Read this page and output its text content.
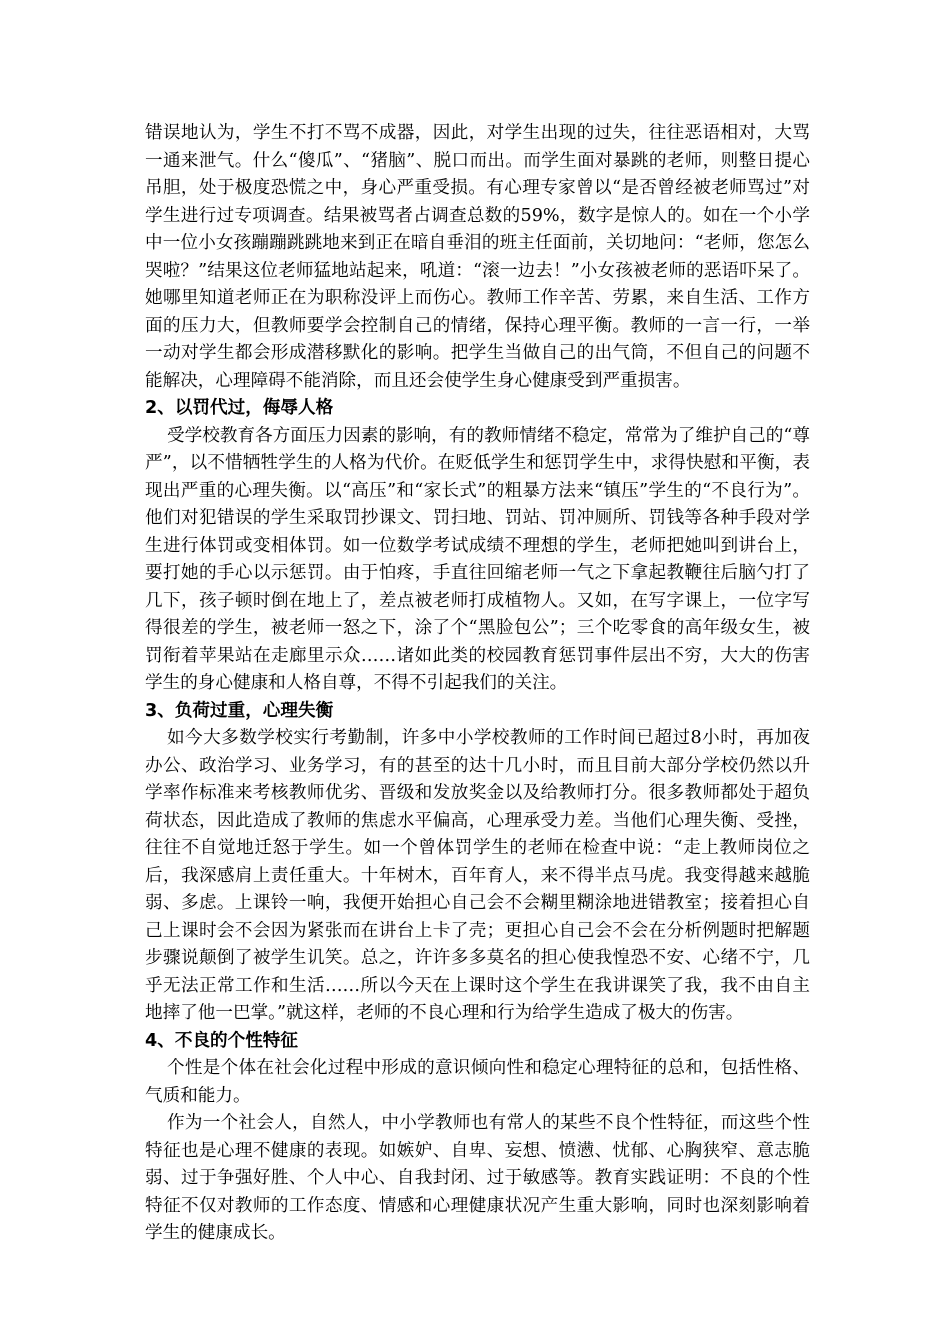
错误地认为，学生不打不骂不成器，因此，对学生出现的过失，往往恶语相对，大骂一通来泄气。什么“傻瓜”、“猪脑”、脱口而出。而学生面对暴跳的老师，则整日提心吊胆，处于极度恐慌之中，身心严重受损。有心理专家曾以“是否曾经被老师骂过”对学生进行过专项调查。结果被骂者占调查总数的59%，数字是惊人的。如在一个小学中一位小女孩蹦蹦跳跳地来到正在暗自垂泪的班主任面前，关切地问：“老师，您怎么哭啦？”结果这位老师猛地站起来，吼道：“滚一边去！”小女孩被老师的恶语吓呆了。她哪里知道老师正在为职称没评上而伤心。教师工作辛苦、劳累，来自生活、工作方面的压力大，但教师要学会控制自己的情绪，保持心理平衡。教师的一言一行，一举一动对学生都会形成潜移默化的影响。把学生当做自己的出气筒，不但自己的问题不能解决，心理障碍不能消除，而且还会使学生身心健康受到严重损害。

2、以罚代过，侮辱人格

受学校教育各方面压力因素的影响，有的教师情绪不稳定，常常为了维护自己的“尊严”，以不惜牺牲学生的人格为代价。在贬低学生和惩罚学生中，求得快慰和平衡，表现出严重的心理失衡。以“高压”和“家长式”的粗暴方法来“镇压”学生的“不良行为”。他们对犯错误的学生采取罚抄课文、罚扫地、罚站、罚冲厕所、罚钱等各种手段对学生进行体罚或变相体罚。如一位数学考试成绩不理想的学生，老师把她叫到讲台上，要打她的手心以示惩罚。由于怕疼，手直往回缩老师一气之下拿起教鞭往后脑勺打了几下，孩子顿时倒在地上了，差点被老师打成植物人。又如，在写字课上，一位字写得很差的学生，被老师一怒之下，涂了个“黑脸包公”；三个吃零食的高年级女生，被罚衔着苹果站在走廊里示众……诸如此类的校园教育惩罚事件层出不穷，大大的伤害学生的身心健康和人格自尊，不得不引起我们的关注。

3、负荷过重，心理失衡

如今大多数学校实行考勤制，许多中小学校教师的工作时间已超过8小时，再加夜办公、政治学习、业务学习，有的甚至的达十几小时，而且目前大部分学校仍然以升学率作标准来考核教师优劣、晋级和发放奖金以及给教师打分。很多教师都处于超负荷状态，因此造成了教师的焦虑水平偏高，心理承受力差。当他们心理失衡、受挫，往往不自觉地迁怒于学生。如一个曾体罚学生的老师在检查中说：“走上教师岗位之后，我深感肩上责任重大。十年树木，百年育人，来不得半点马虎。我变得越来越脆弱、多虑。上课铃一响，我便开始担心自己会不会糊里糊涂地进错教室；接着担心自己上课时会不会因为紧张而在讲台上卡了壳；更担心自己会不会在分析例题时把解题步骤说颠倒了被学生讥笑。总之，许许多多莫名的担心使我惶恐不安、心绪不宁，几乎无法正常工作和生活……所以今天在上课时这个学生在我讲课笑了我，我不由自主地摔了他一巴掌。”就这样，老师的不良心理和行为给学生造成了极大的伤害。

4、不良的个性特征

个性是个体在社会化过程中形成的意识倾向性和稳定心理特征的总和，包括性格、气质和能力。

作为一个社会人，自然人，中小学教师也有常人的某些不良个性特征，而这些个性特征也是心理不健康的表现。如嫉妒、自卑、妄想、愤懑、忧郁、心胸狭窄、意志脆弱、过于争强好胜、个人中心、自我封闭、过于敏感等。教育实践证明：不良的个性特征不仅对教师的工作态度、情感和心理健康状况产生重大影响，同时也深刻影响着学生的健康成长。
